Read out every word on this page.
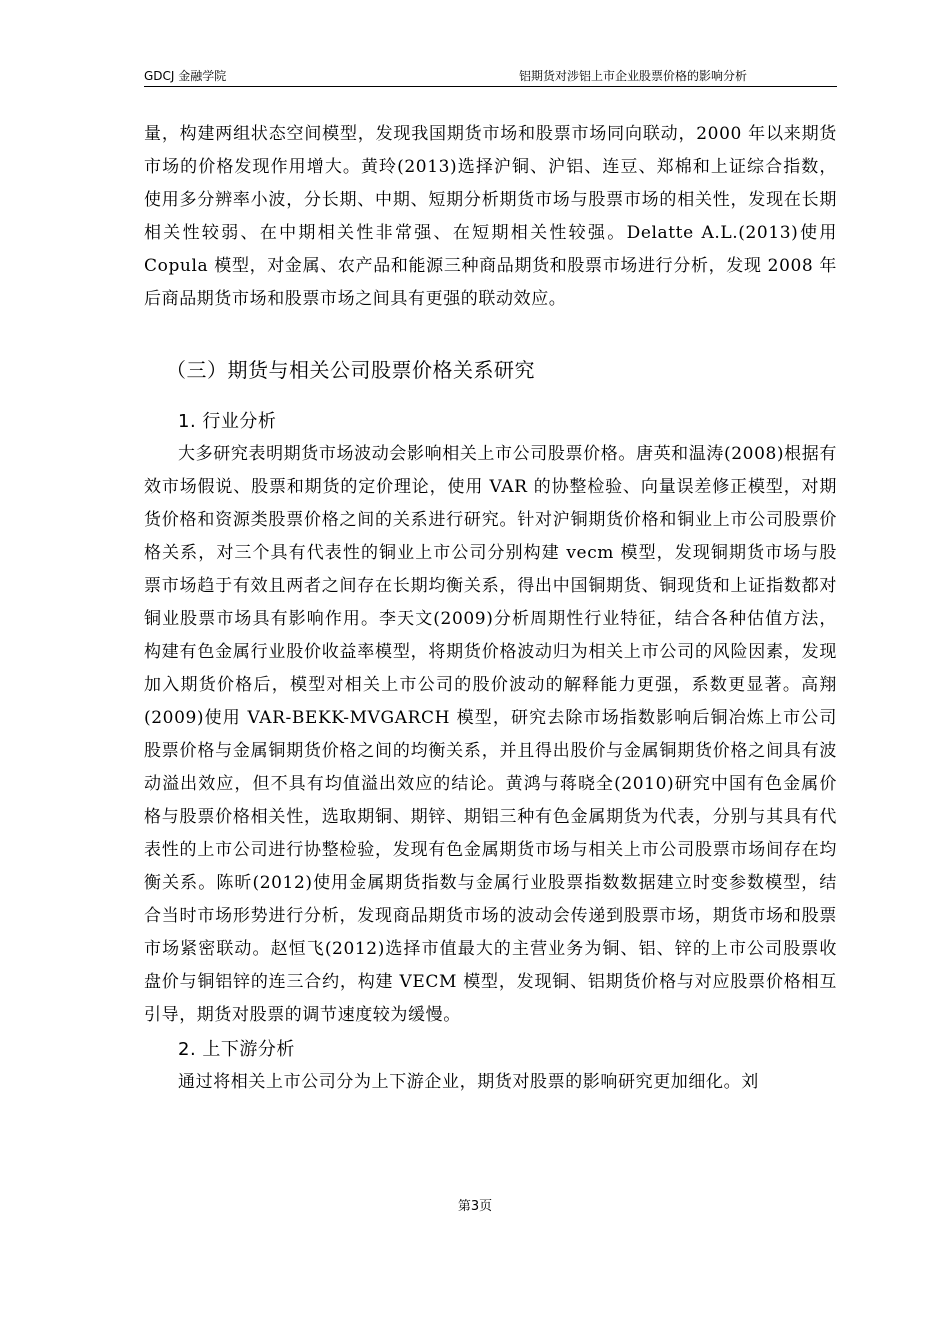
GDCJ 金融学院	铝期货对涉铝上市企业股票价格的影响分析

量，构建两组状态空间模型，发现我国期货市场和股票市场同向联动，2000 年以来期货市场的价格发现作用增大。黄玲(2013)选择沪铜、沪铝、连豆、郑棉和上证综合指数，使用多分辨率小波，分长期、中期、短期分析期货市场与股票市场的相关性，发现在长期相关性较弱、在中期相关性非常强、在短期相关性较强。Delatte A.L.(2013)使用 Copula 模型，对金属、农产品和能源三种商品期货和股票市场进行分析，发现 2008 年后商品期货市场和股票市场之间具有更强的联动效应。

（三）期货与相关公司股票价格关系研究
1. 行业分析

大多研究表明期货市场波动会影响相关上市公司股票价格。唐英和温涛(2008)根据有效市场假说、股票和期货的定价理论，使用 VAR 的协整检验、向量误差修正模型，对期货价格和资源类股票价格之间的关系进行研究。针对沪铜期货价格和铜业上市公司股票价格关系，对三个具有代表性的铜业上市公司分别构建 vecm 模型，发现铜期货市场与股票市场趋于有效且两者之间存在长期均衡关系，得出中国铜期货、铜现货和上证指数都对铜业股票市场具有影响作用。李天文(2009)分析周期性行业特征，结合各种估值方法，构建有色金属行业股价收益率模型，将期货价格波动归为相关上市公司的风险因素，发现加入期货价格后，模型对相关上市公司的股价波动的解释能力更强，系数更显著。高翔(2009)使用 VAR-BEKK-MVGARCH 模型，研究去除市场指数影响后铜冶炼上市公司股票价格与金属铜期货价格之间的均衡关系，并且得出股价与金属铜期货价格之间具有波动溢出效应，但不具有均值溢出效应的结论。黄鸿与蒋晓全(2010)研究中国有色金属价格与股票价格相关性，选取期铜、期锌、期铝三种有色金属期货为代表，分别与其具有代表性的上市公司进行协整检验，发现有色金属期货市场与相关上市公司股票市场间存在均衡关系。陈昕(2012)使用金属期货指数与金属行业股票指数数据建立时变参数模型，结合当时市场形势进行分析，发现商品期货市场的波动会传递到股票市场，期货市场和股票市场紧密联动。赵恒飞(2012)选择市值最大的主营业务为铜、铝、锌的上市公司股票收盘价与铜铝锌的连三合约，构建 VECM 模型，发现铜、铝期货价格与对应股票价格相互引导，期货对股票的调节速度较为缓慢。

2. 上下游分析

通过将相关上市公司分为上下游企业，期货对股票的影响研究更加细化。刘

第3页
